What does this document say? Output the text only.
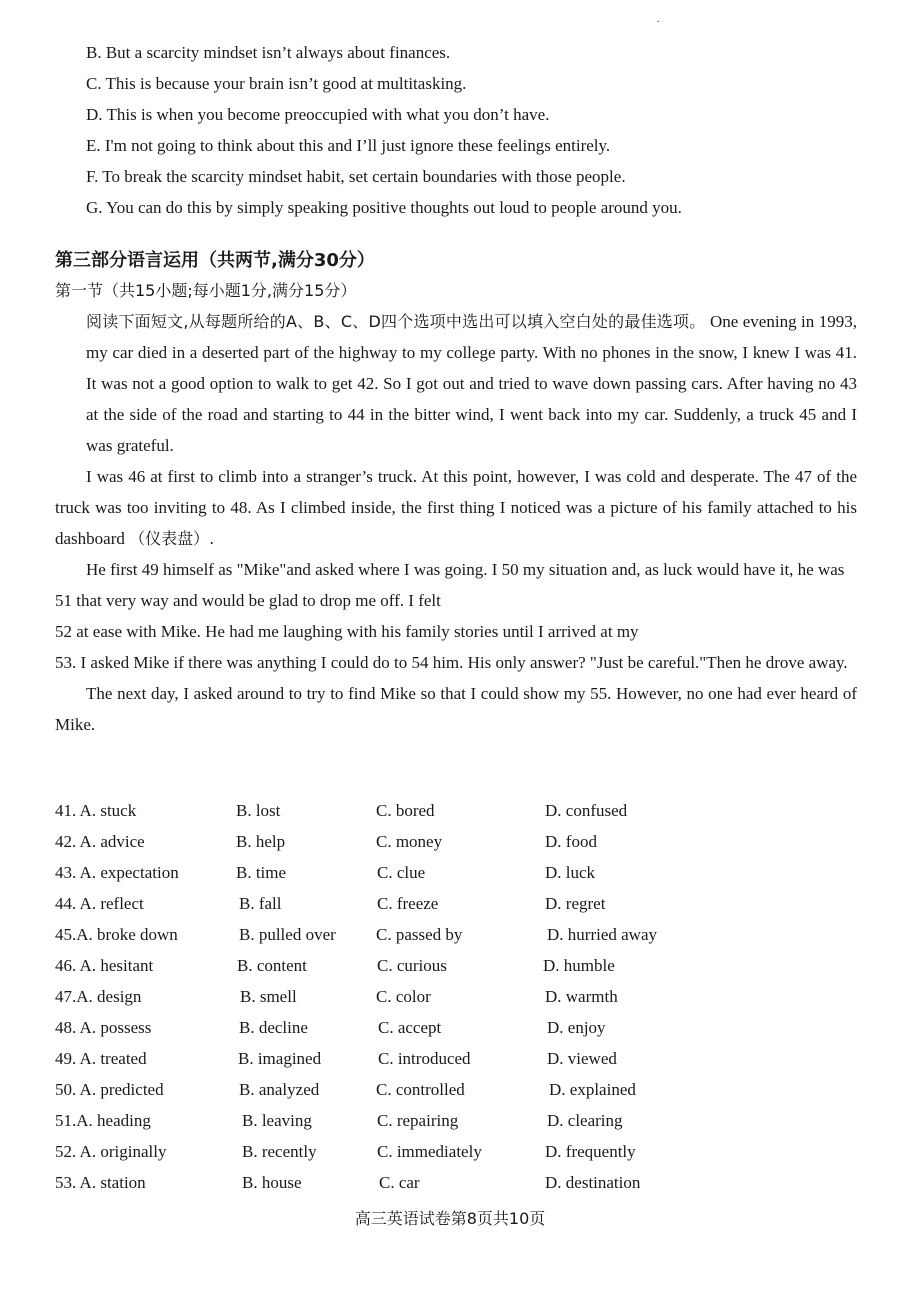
.
B. But a scarcity mindset isn’t always about finances.
C. This is because your brain isn’t good at multitasking.
D. This is when you become preoccupied with what you don’t have.
E. I'm not going to think about this and I’ll just ignore these feelings entirely.
F. To break the scarcity mindset habit, set certain boundaries with those people.
G. You can do this by simply speaking positive thoughts out loud to people around you.
第三部分语言运用（共两节,满分30分）
第一节（共15小题;每小题1分,满分15分）

阅读下面短文,从每题所给的A、B、C、D四个选项中选出可以填入空白处的最佳选项。 One evening in 1993, my car died in a deserted part of the highway to my college party. With no phones in the snow, I knew I was 41. It was not a good option to walk to get 42. So I got out and tried to wave down passing cars. After having no 43 at the side of the road and starting to 44 in the bitter wind, I went back into my car. Suddenly, a truck 45 and I was grateful.

I was 46 at first to climb into a stranger’s truck. At this point, however, I was cold and desperate. The 47 of the truck was too inviting to 48. As I climbed inside, the first thing I noticed was a picture of his family attached to his dashboard （仪表盘）.

He first 49 himself as "Mike"and asked where I was going. I 50 my situation and, as luck would have it, he was 51 that very way and would be glad to drop me off. I felt

52 at ease with Mike. He had me laughing with his family stories until I arrived at my

53. I asked Mike if there was anything I could do to 54 him. His only answer? "Just be careful."Then he drove away.

The next day, I asked around to try to find Mike so that I could show my 55. However, no one had ever heard of Mike.

41. A. stuck	B. lost	C. bored	D. confused
42. A. advice	B. help	C. money	D. food
43. A. expectation	B. time	C. clue	D. luck
44. A. reflect	B. fall	C. freeze	D. regret
45.A. broke down	B. pulled over C. passed by	D. hurried away
46. A. hesitant	B. content	C. curious	D. humble
47.A. design	B. smell	C. color	D. warmth
48. A. possess	B. decline	C. accept	D. enjoy
49. A. treated	B. imagined	C. introduced	D. viewed
50. A. predicted	B. analyzed	C. controlled	D. explained
51.A. heading	B. leaving	C. repairing	D. clearing
52. A. originally	B. recently	C. immediately	D. frequently
53. A. station	B. house	C. car	D. destination
高三英语试卷第8页共10页
